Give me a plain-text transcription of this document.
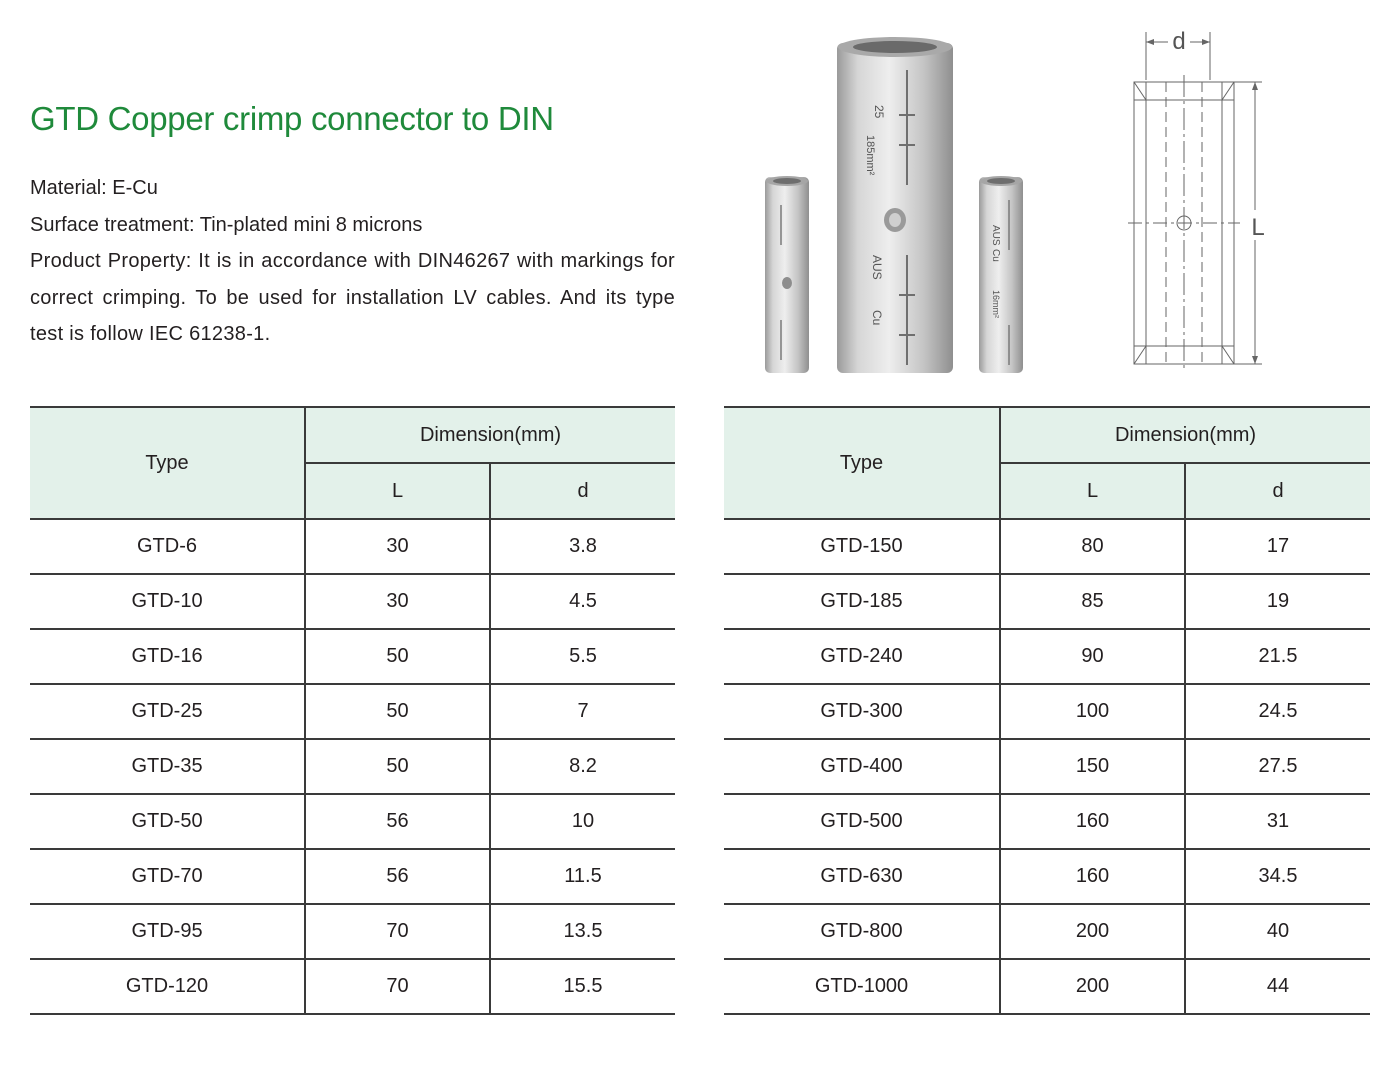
GTD Copper crimp connector to DIN

Material: E-Cu

Surface treatment: Tin-plated mini 8 microns

Product Property: It is in accordance with DIN46267 with markings for correct crimping. To be used for installation LV cables. And its type test is follow IEC 61238-1.

25
185mm²
AUS
Cu
AUS
Cu
16mm²
d
L
Type	Dimension(mm)	
	L	d
GTD-6	30	3.8
GTD-10	30	4.5
GTD-16	50	5.5
GTD-25	50	7
GTD-35	50	8.2
GTD-50	56	10
GTD-70	56	11.5
GTD-95	70	13.5
GTD-120	70	15.5
Type	Dimension(mm)	
	L	d
GTD-150	80	17
GTD-185	85	19
GTD-240	90	21.5
GTD-300	100	24.5
GTD-400	150	27.5
GTD-500	160	31
GTD-630	160	34.5
GTD-800	200	40
GTD-1000	200	44
